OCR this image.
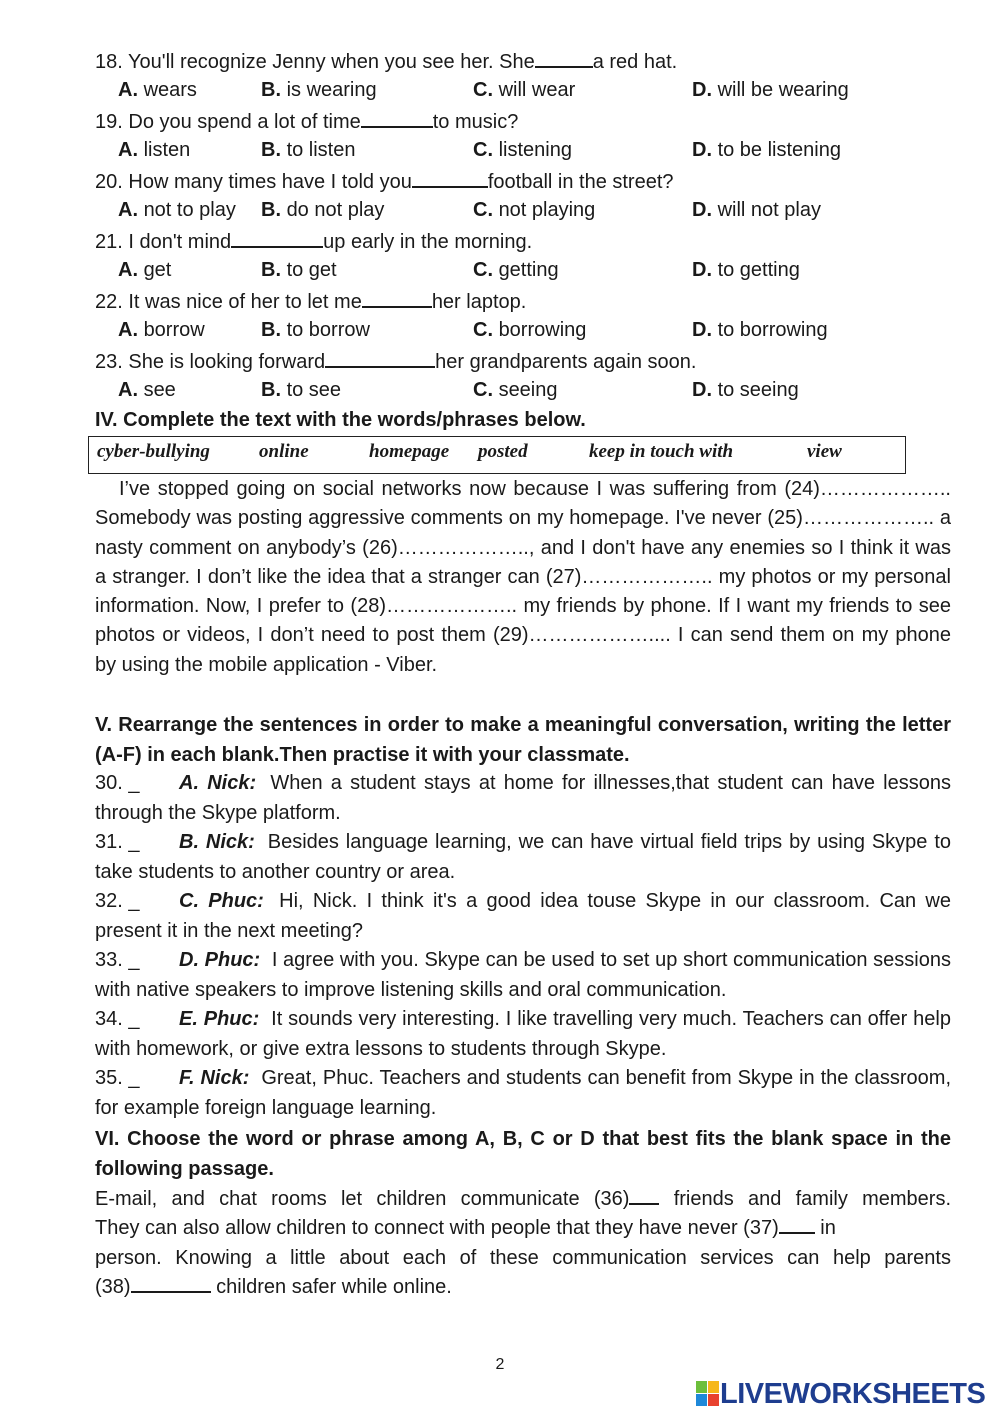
18. You'll recognize Jenny when you see her. She	a red hat.
A. wears	B. is wearing	C. will wear	D. will be wearing
19. Do you spend a lot of time	to music?
A. listen	B. to listen	C. listening	D. to be listening
20. How many times have I told you	football in the street?
A. not to play B. do not play	C. not playing	D. will not play
21. I don't mind	up early in the morning.
A. get	B. to get	C. getting	D. to getting
22. It was nice of her to let me	her laptop.
A. borrow	B. to borrow	C. borrowing	D. to borrowing
23. She is looking forward	her grandparents again soon.
A. see	B. to see	C. seeing	D. to seeing
IV. Complete the text with the words/phrases below.
cyber-bullying	online	homepage posted	keep in touch with	view
I’ve stopped going on social networks now because I was suffering from (24)……………….. Somebody was posting aggressive comments on my homepage. I've never (25)……………….. a nasty comment on anybody’s (26)……………….., and I don't have any enemies so I think it was a stranger. I don’t like the idea that a stranger can (27)……………….. my photos or my personal information. Now, I prefer to (28)……………….. my friends by phone. If I want my friends to see photos or videos, I don’t need to post them (29)……………….... I can send them on my phone by using the mobile application - Viber.
V. Rearrange the sentences in order to make a meaningful conversation, writing the letter (A-F) in each blank.Then practise it with your classmate.
30. _ A. Nick: When a student stays at home for illnesses,that student can have lessons through the Skype platform.
31. _ B. Nick: Besides language learning, we can have virtual field trips by using Skype to take students to another country or area.
32. _ C. Phuc: Hi, Nick. I think it's a good idea touse Skype in our classroom. Can we present it in the next meeting?
33. _ D. Phuc: I agree with you. Skype can be used to set up short communication sessions with native speakers to improve listening skills and oral communication.
34. _ E. Phuc: It sounds very interesting. I like travelling very much. Teachers can offer help with homework, or give extra lessons to students through Skype.
35. _ F. Nick: Great, Phuc. Teachers and students can benefit from Skype in the classroom, for example foreign language learning.
VI. Choose the word or phrase among A, B, C or D that best fits the blank space in the following passage.
E-mail, and chat rooms let children communicate (36) friends and family members.
They can also allow children to connect with people that they have never (37) in
person. Knowing a little about each of these communication services can help parents
(38)	children safer while online.
2
LIVEWORKSHEETS
